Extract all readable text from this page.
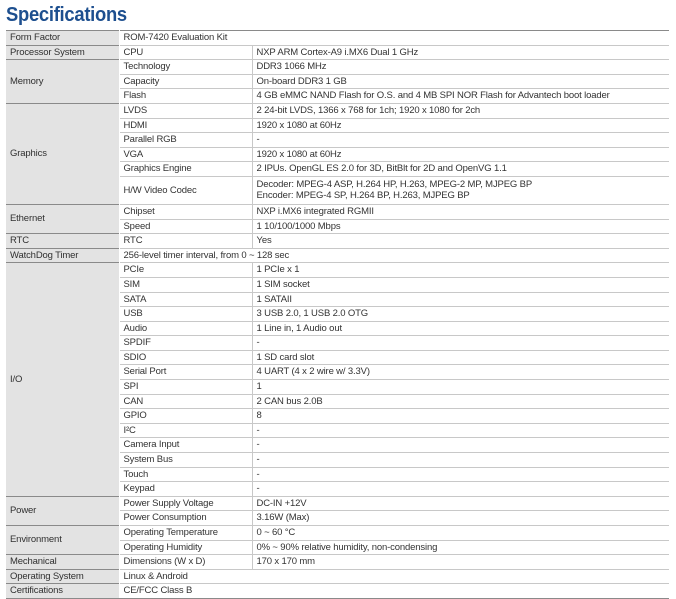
Specifications
Form Factor	ROM-7420 Evaluation Kit	
Processor System	CPU	NXP ARM Cortex-A9 i.MX6 Dual 1 GHz
Memory	Technology	DDR3 1066 MHz
	Capacity	On-board DDR3 1 GB
	Flash	4 GB eMMC NAND Flash for O.S. and 4 MB SPI NOR Flash for Advantech boot loader
Graphics	LVDS	2 24-bit LVDS, 1366 x 768 for 1ch; 1920 x 1080 for 2ch
	HDMI	1920 x 1080 at 60Hz
	Parallel RGB	-
	VGA	1920 x 1080 at 60Hz
	Graphics Engine	2 IPUs. OpenGL ES 2.0 for 3D, BitBlt for 2D and OpenVG 1.1
	H/W Video Codec	Decoder: MPEG-4 ASP, H.264 HP, H.263, MPEG-2 MP, MJPEG BP
Encoder: MPEG-4 SP, H.264 BP, H.263, MJPEG BP

Ethernet	Chipset	NXP i.MX6 integrated RGMII
	Speed	1 10/100/1000 Mbps
RTC	RTC	Yes
WatchDog Timer	256-level timer interval, from 0 ~ 128 sec	
I/O	PCIe	1 PCIe x 1
	SIM	1 SIM socket
	SATA	1 SATAII
	USB	3 USB 2.0, 1 USB 2.0 OTG
	Audio	1 Line in, 1 Audio out
	SPDIF	-
	SDIO	1 SD card slot
	Serial Port	4 UART (4 x 2 wire w/ 3.3V)
	SPI	1
	CAN	2 CAN bus 2.0B
	GPIO	8
	I²C	-
	Camera Input	-
	System Bus	-
	Touch	-
	Keypad	-
Power	Power Supply Voltage	DC-IN +12V
	Power Consumption	3.16W (Max)
Environment	Operating Temperature	0 ~ 60 °C
	Operating Humidity	0% ~ 90% relative humidity, non-condensing
Mechanical	Dimensions (W x D)	170 x 170 mm
Operating System	Linux & Android	
Certifications	CE/FCC Class B	
